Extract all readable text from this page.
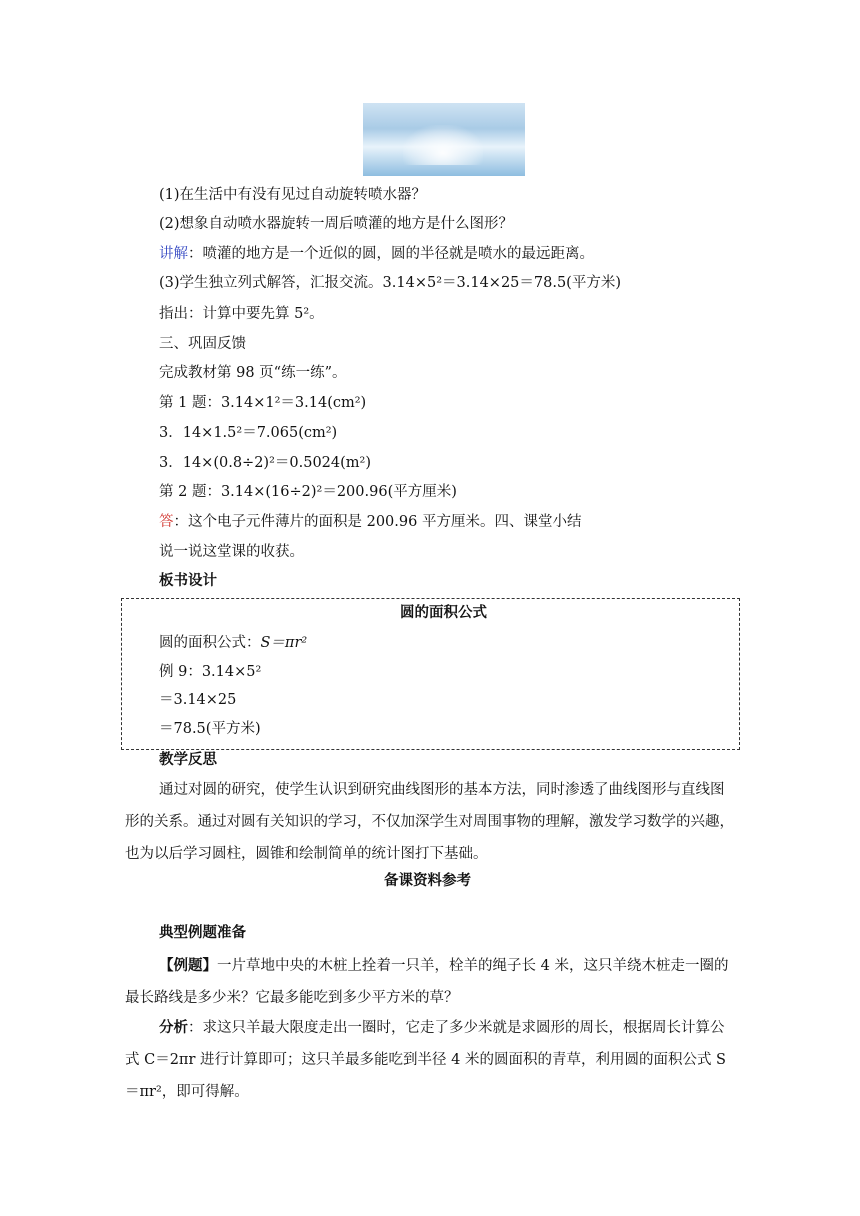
(1)在生活中有没有见过自动旋转喷水器？
(2)想象自动喷水器旋转一周后喷灌的地方是什么图形？
讲解：喷灌的地方是一个近似的圆，圆的半径就是喷水的最远距离。
(3)学生独立列式解答，汇报交流。3.14×5²＝3.14×25＝78.5(平方米)
指出：计算中要先算 5²。
三、巩固反馈
完成教材第 98 页“练一练”。
第 1 题：3.14×1²＝3.14(cm²)
3．14×1.5²＝7.065(cm²)
3．14×(0.8÷2)²＝0.5024(m²)
第 2 题：3.14×(16÷2)²＝200.96(平方厘米)
答：这个电子元件薄片的面积是 200.96 平方厘米。四、课堂小结
说一说这堂课的收获。
板书设计
圆的面积公式
圆的面积公式：S＝πr²
例 9：3.14×5²
＝3.14×25
＝78.5(平方米)
教学反思
通过对圆的研究，使学生认识到研究曲线图形的基本方法，同时渗透了曲线图形与直线图形的关系。通过对圆有关知识的学习，不仅加深学生对周围事物的理解，激发学习数学的兴趣，也为以后学习圆柱，圆锥和绘制简单的统计图打下基础。
备课资料参考
典型例题准备
【例题】一片草地中央的木桩上拴着一只羊，栓羊的绳子长 4 米，这只羊绕木桩走一圈的最长路线是多少米？它最多能吃到多少平方米的草？
分析：求这只羊最大限度走出一圈时，它走了多少米就是求圆形的周长，根据周长计算公式 C＝2πr 进行计算即可；这只羊最多能吃到半径 4 米的圆面积的青草，利用圆的面积公式 S＝πr²，即可得解。
